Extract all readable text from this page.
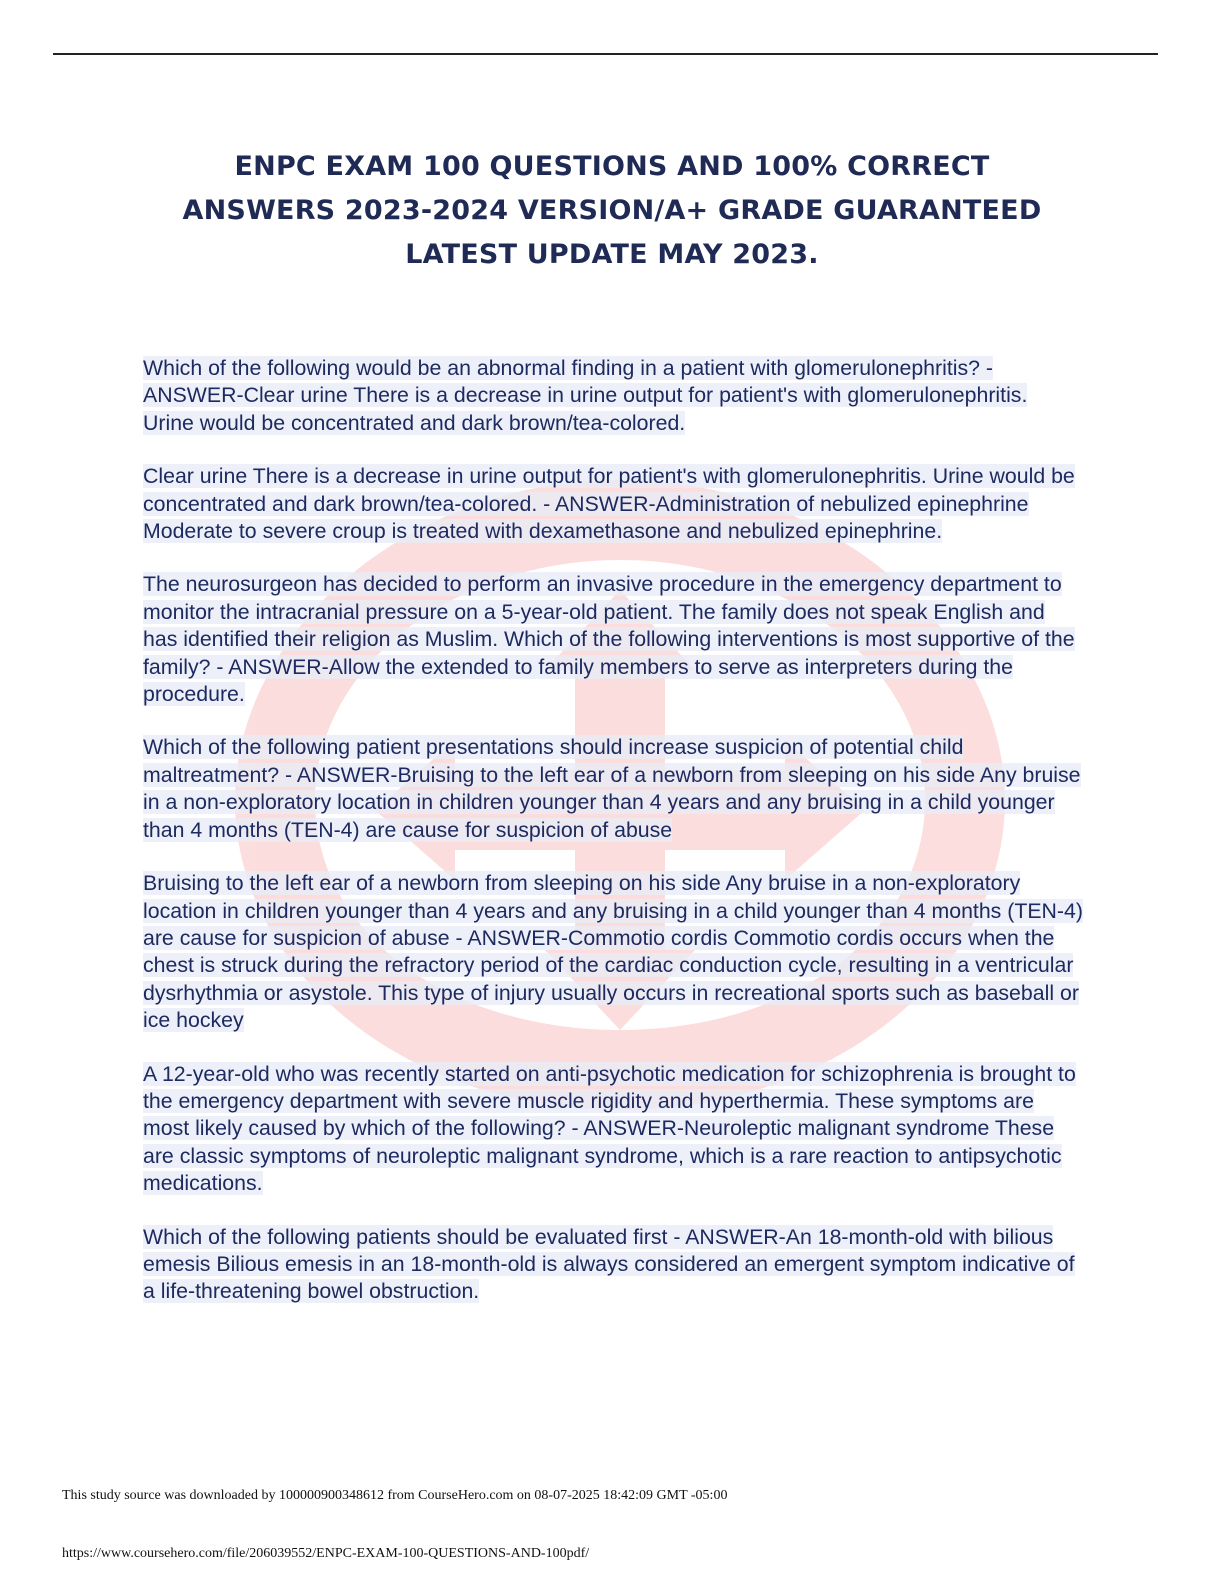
ENPC EXAM 100 QUESTIONS AND 100% CORRECT
ANSWERS 2023-2024 VERSION/A+ GRADE GUARANTEED
LATEST UPDATE MAY 2023.

Which of the following would be an abnormal finding in a patient with glomerulonephritis? - ANSWER-Clear urine There is a decrease in urine output for patient's with glomerulonephritis. Urine would be concentrated and dark brown/tea-colored.

Clear urine There is a decrease in urine output for patient's with glomerulonephritis. Urine would be concentrated and dark brown/tea-colored. - ANSWER-Administration of nebulized epinephrine Moderate to severe croup is treated with dexamethasone and nebulized epinephrine.

The neurosurgeon has decided to perform an invasive procedure in the emergency department to monitor the intracranial pressure on a 5-year-old patient. The family does not speak English and has identified their religion as Muslim. Which of the following interventions is most supportive of the family? - ANSWER-Allow the extended to family members to serve as interpreters during the procedure.

Which of the following patient presentations should increase suspicion of potential child maltreatment? - ANSWER-Bruising to the left ear of a newborn from sleeping on his side Any bruise in a non-exploratory location in children younger than 4 years and any bruising in a child younger than 4 months (TEN-4) are cause for suspicion of abuse

Bruising to the left ear of a newborn from sleeping on his side Any bruise in a non-exploratory location in children younger than 4 years and any bruising in a child younger than 4 months (TEN-4) are cause for suspicion of abuse - ANSWER-Commotio cordis Commotio cordis occurs when the chest is struck during the refractory period of the cardiac conduction cycle, resulting in a ventricular dysrhythmia or asystole. This type of injury usually occurs in recreational sports such as baseball or ice hockey

A 12-year-old who was recently started on anti-psychotic medication for schizophrenia is brought to the emergency department with severe muscle rigidity and hyperthermia. These symptoms are most likely caused by which of the following? - ANSWER-Neuroleptic malignant syndrome These are classic symptoms of neuroleptic malignant syndrome, which is a rare reaction to antipsychotic medications.

Which of the following patients should be evaluated first - ANSWER-An 18-month-old with bilious emesis Bilious emesis in an 18-month-old is always considered an emergent symptom indicative of a life-threatening bowel obstruction.

This study source was downloaded by 100000900348612 from CourseHero.com on 08-07-2025 18:42:09 GMT -05:00

https://www.coursehero.com/file/206039552/ENPC-EXAM-100-QUESTIONS-AND-100pdf/
